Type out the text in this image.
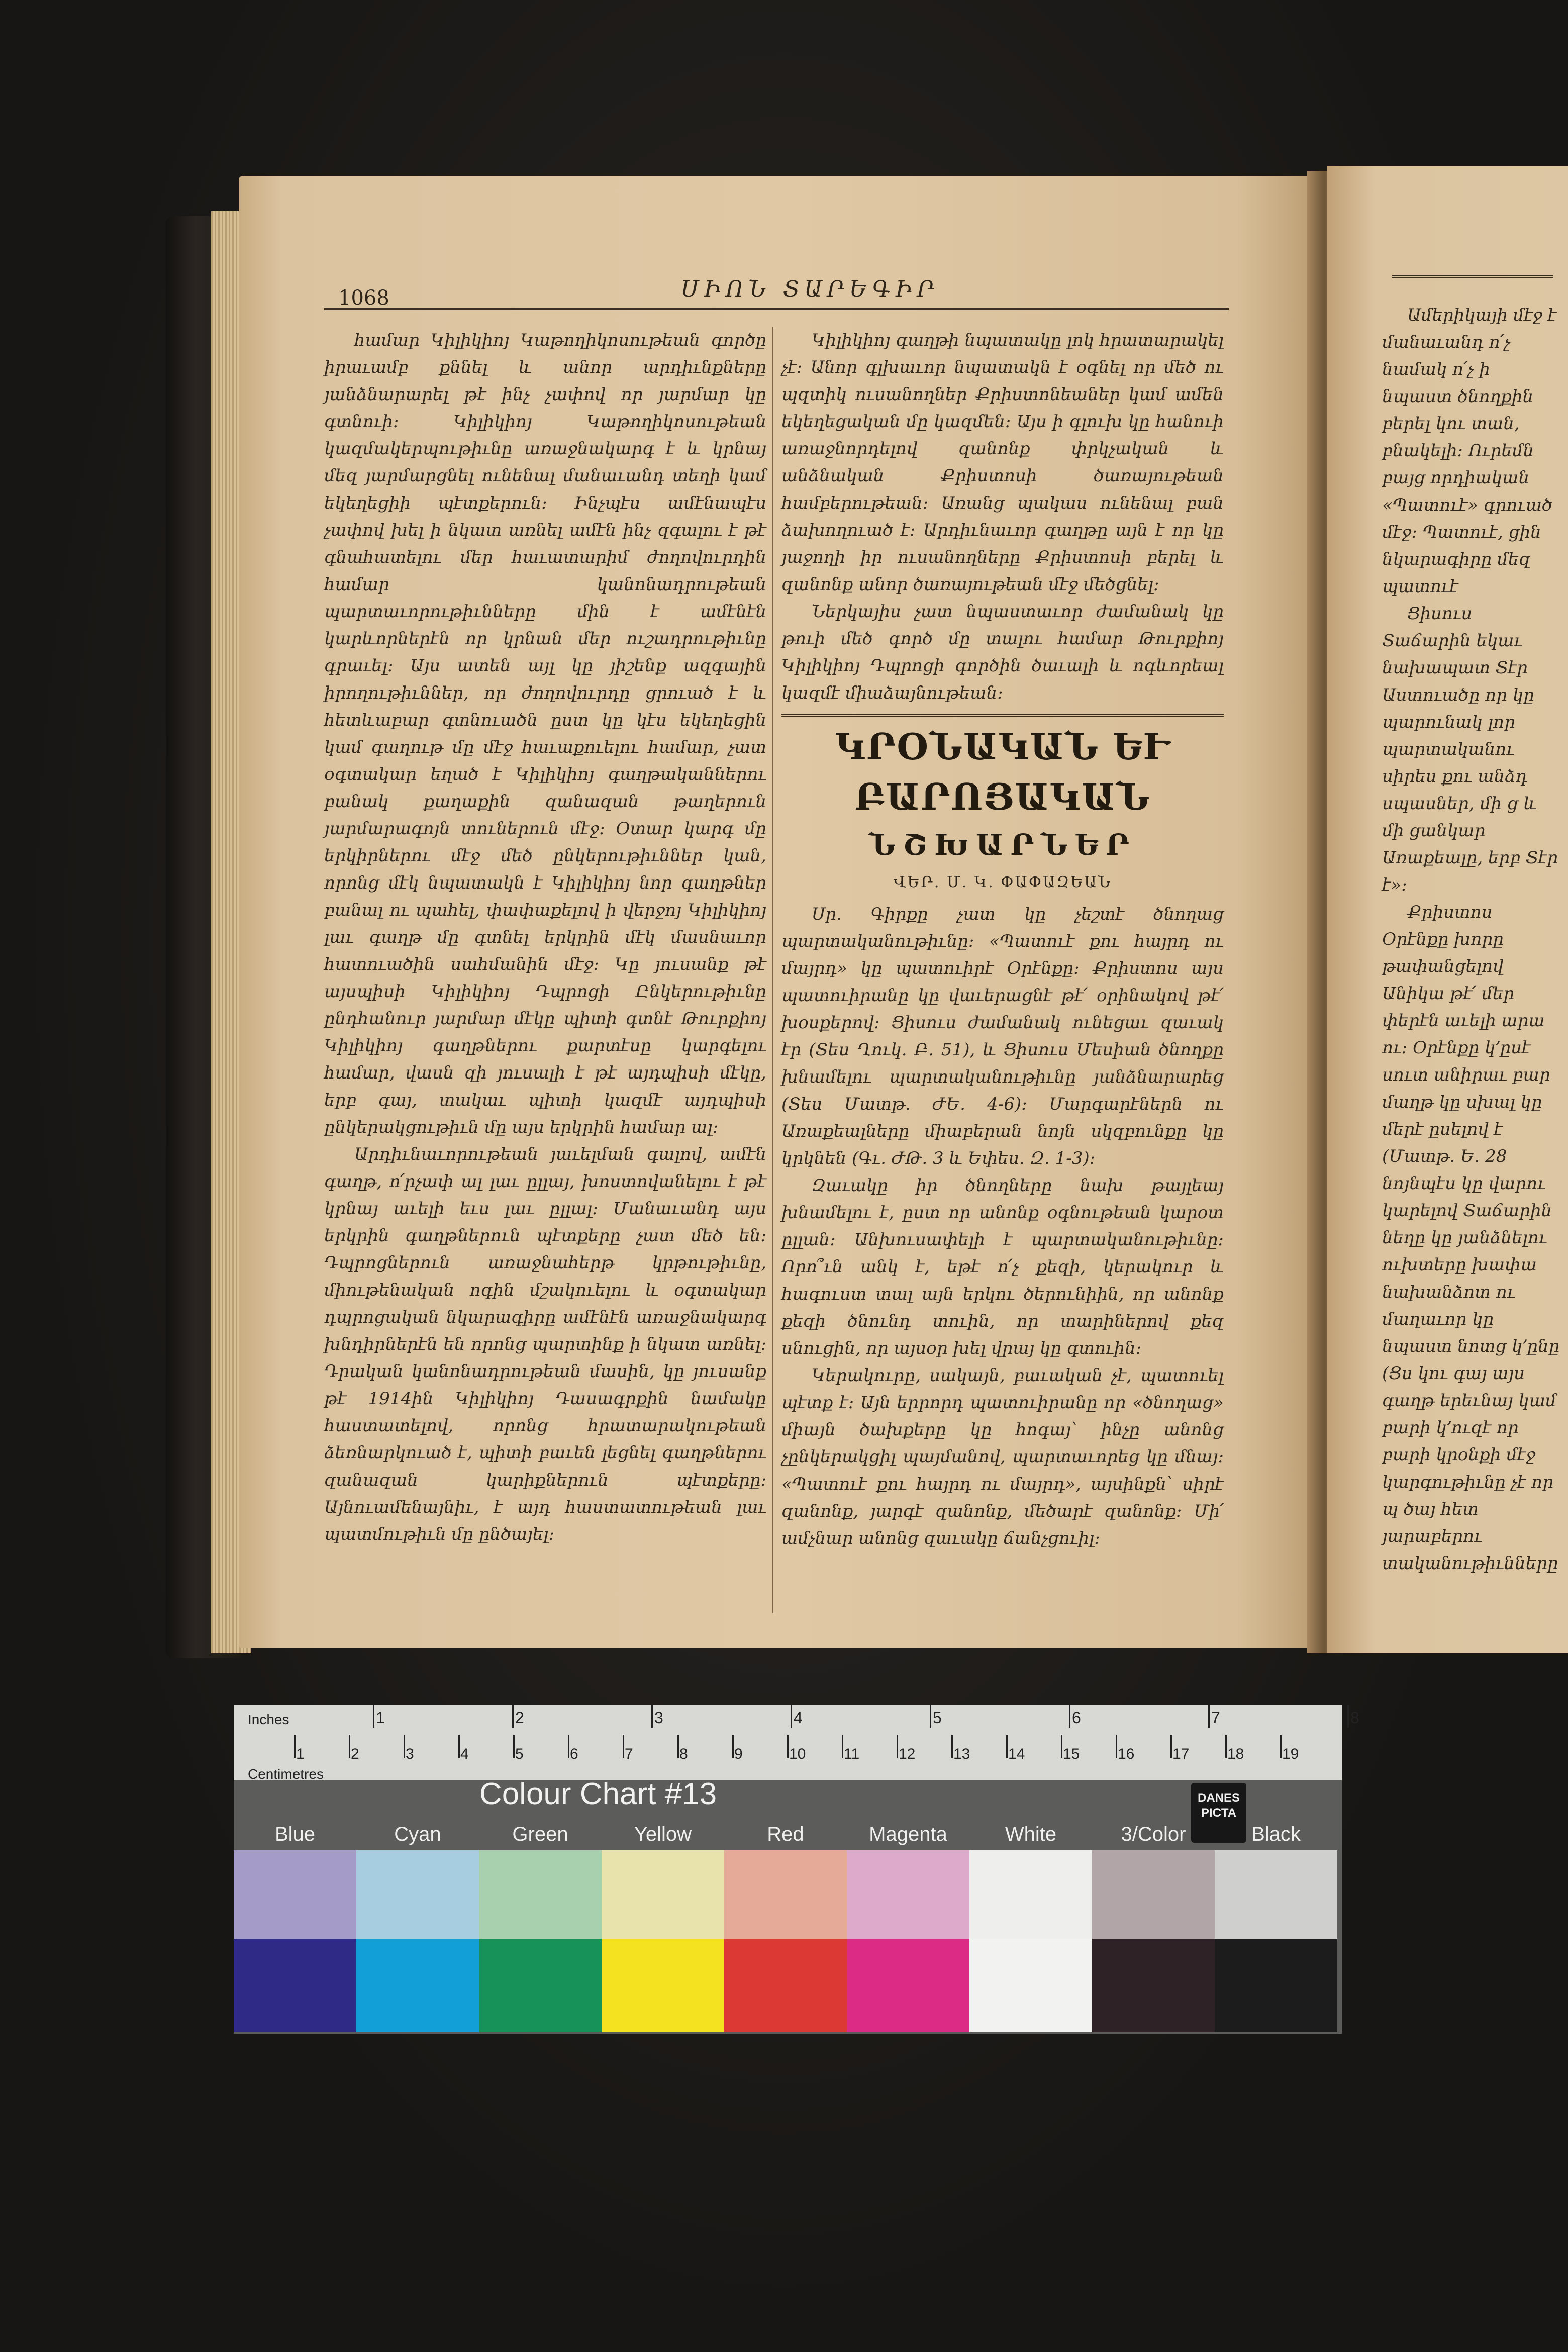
1068	ՍԻՈՆ ՏԱՐԵԳԻՐ

համար Կիլիկիոյ Կաթողիկոսութեան գործը իրաւամբ քննել և անոր արդիւնքները յանձնարարել թէ ինչ չափով որ յարմար կը գտնուի։ Կիլիկիոյ Կաթողիկոսութեան կազմակերպութիւնը առաջնակարգ է և կրնայ մեզ յարմարցնել ունենալ մանաւանդ տեղի կամ եկեղեցիի պէտքերուն։ Ինչպէս ամէնապէս չափով խել ի նկատ առնել ամէն ինչ զգալու է թէ գնահատելու մեր հաւատարիմ ժողովուրդին համար կանոնադրութեան պարտաւորութիւնները մին է ամէնէն կարևորներէն որ կրնան մեր ուշադրութիւնը գրաւել։ Այս ատեն այլ կը յիշենք ազգային իրողութիւններ, որ ժողովուրդը ցրուած է և հետևաբար գտնուածն ըստ կը կէս եկեղեցին կամ գաղութ մը մէջ հաւաքուելու համար, չատ օգտակար եղած է Կիլիկիոյ գաղթականներու բանակ քաղաքին զանազան թաղերուն յարմարագոյն տուներուն մէջ։ Օտար կարգ մը երկիրներու մէջ մեծ ընկերութիւններ կան, որոնց մէկ նպատակն է Կիլիկիոյ նոր գաղթներ բանալ ու պահել, փափաքելով ի վերջոյ Կիլիկիոյ լաւ գաղթ մը գտնել երկրին մէկ մասնաւոր հատուածին սահմանին մէջ։ Կը յուսանք թէ այսպիսի Կիլիկիոյ Դպրոցի Ընկերութիւնը ընդհանուր յարմար մէկը պիտի գտնէ Թուրքիոյ Կիլիկիոյ գաղթներու քարտէսը կարգելու համար, վասն զի յուսալի է թէ այդպիսի մէկը, երբ գայ, տակաւ պիտի կազմէ այդպիսի ընկերակցութիւն մը այս երկրին համար ալ։

Արդիւնաւորութեան յաւելման գալով, ամէն գաղթ, ո՛րչափ ալ լաւ ըլլայ, խոստովանելու է թէ կրնայ աւելի եւս լաւ ըլլալ։ Մանաւանդ այս երկրին գաղթներուն պէտքերը չատ մեծ են։ Դպրոցներուն առաջնահերթ կրթութիւնը, միութենական ոգին մշակուելու և օգտակար դպրոցական նկարագիրը ամէնէն առաջնակարգ խնդիրներէն են որոնց պարտինք ի նկատ առնել։ Դրական կանոնադրութեան մասին, կը յուսանք թէ 1914ին Կիլիկիոյ Դասագրքին նամակը հաստատելով, որոնց հրատարակութեան ձեռնարկուած է, պիտի բաւեն լեցնել գաղթներու զանազան կարիքներուն պէտքերը։ Այնուամենայնիւ, է այդ հաստատութեան լաւ պատմութիւն մը ընծայել։

Կիլիկիոյ գաղթի նպատակը լոկ հրատարակել չէ։ Անոր գլխաւոր նպատակն է օգնել որ մեծ ու պզտիկ ուսանողներ Քրիստոնեաներ կամ ամեն եկեղեցական մը կազմեն։ Այս ի գլուխ կը հանուի առաջնորդելով զանոնք փրկչական և անձնական Քրիստոսի ծառայութեան համբերութեան։ Առանց պակաս ունենալ բան ձախողուած է։ Արդիւնաւոր գաղթը այն է որ կը յաջողի իր ուսանողները Քրիստոսի բերել և զանոնք անոր ծառայութեան մէջ մեծցնել։

Ներկայիս չատ նպաստաւոր ժամանակ կը թուի մեծ գործ մը տալու համար Թուրքիոյ Կիլիկիոյ Դպրոցի գործին ծաւալի և ոգևորեալ կազմէ միաձայնութեան։

ԿՐՕՆԱԿԱՆ ԵՒ ԲԱՐՈՅԱԿԱՆ
ՆՇԽԱՐՆԵՐ
ՎԵՐ. Մ. Կ. ՓԱՓԱԶԵԱՆ

Սր. Գիրքը չատ կը չեշտէ ծնողաց պարտականութիւնը։ «Պատուէ քու հայրդ ու մայրդ» կը պատուիրէ Օրէնքը։ Քրիստոս այս պատուիրանը կը վաւերացնէ թէ՛ օրինակով թէ՛ խօսքերով։ Ցիսուս ժամանակ ունեցաւ զաւակ էր (Տես Ղուկ. Բ. 51), և Ցիսուս Մեսիան ծնողքը խնամելու պարտականութիւնը յանձնարարեց (Տես Մատթ. ԺԵ. 4-6)։ Մարգարէներն ու Առաքեալները միաբերան նոյն սկզբունքը կը կրկնեն (Գւ. ԺԹ. 3 և Եփես. Զ. 1-3)։

Զաւակը իր ծնողները նախ թայլեայ խնամելու է, ըստ որ անոնք օգնութեան կարօտ ըլլան։ Անխուսափելի է պարտականութիւնը։ Որո՞ւն անկ է, եթէ ո՛չ քեզի, կերակուր և հագուստ տալ այն երկու ծերունիին, որ անոնք քեզի ծնունդ տուին, որ տարիներով քեզ սնուցին, որ այսօր խել վրայ կը գտուին։

Կերակուրը, սակայն, բաւական չէ, պատուել պէտք է։ Այն երրորդ պատուիրանը որ «ծնողաց» միայն ծախքերը կը հոգայ՝ ինչը անոնց չընկերակցիլ պայմանով, պարտաւորեց կը մնայ։ «Պատուէ քու հայրդ ու մայրդ», այսինքն՝ սիրէ զանոնք, յարգէ զանոնք, մեծարէ զանոնք։ Մի՛ ամչնար անոնց զաւակը ճանչցուիլ։

Ամերիկայի մէջ է մանաւանդ ո՛չ նամակ ո՛չ ի նպաստ ծնողքին բերել կու տան, բնակելի։ Ուրեմն բայց որդիական «Պատուէ» գրուած մէջ։ Պատուէ, ցին նկարագիրը մեզ պատուէ

Ցիսուս Տաճարին եկաւ նախապատ Տէր Աստուածը որ կը պարունակ լոր պարտականու սիրես քու անձդ սպասներ, մի ց և մի ցանկար Առաքեալը, երբ Տէր է»։

Քրիստոս Օրէնքը խորը թափանցելով Անիկա թէ՛ մեր փերէն աւելի արա ու։ Օրէնքը կ՚ըսէ սուտ անիրաւ բար մաղթ կը սխալ կը մերէ ըսելով է (Մատթ. Ե. 28 նոյնպէս կը վարու կարելով Տաճարին նեղը կը յանձնելու ուխտերը խափա նախանձոտ ու մաղաւոր կը նպաստ նոտց կ՚ընը (Ցս կու գայ այս գաղթ երեւնայ կամ բարի կ՚ուզէ որ բարի կրօնքի մէջ կարգութիւնը չէ որ պ ծայ հետ յարաբերու տականութիւնները

Inches
Centimetres
1	2	3	4	5	6	7	8
1	2	3	4	5	6	7	8	9	10	11	12	13	14	15	16	17	18	19
Colour Chart #13	DANES PICTA
Blue	Cyan	Green	Yellow	Red	Magenta	White	3/Color	Black
